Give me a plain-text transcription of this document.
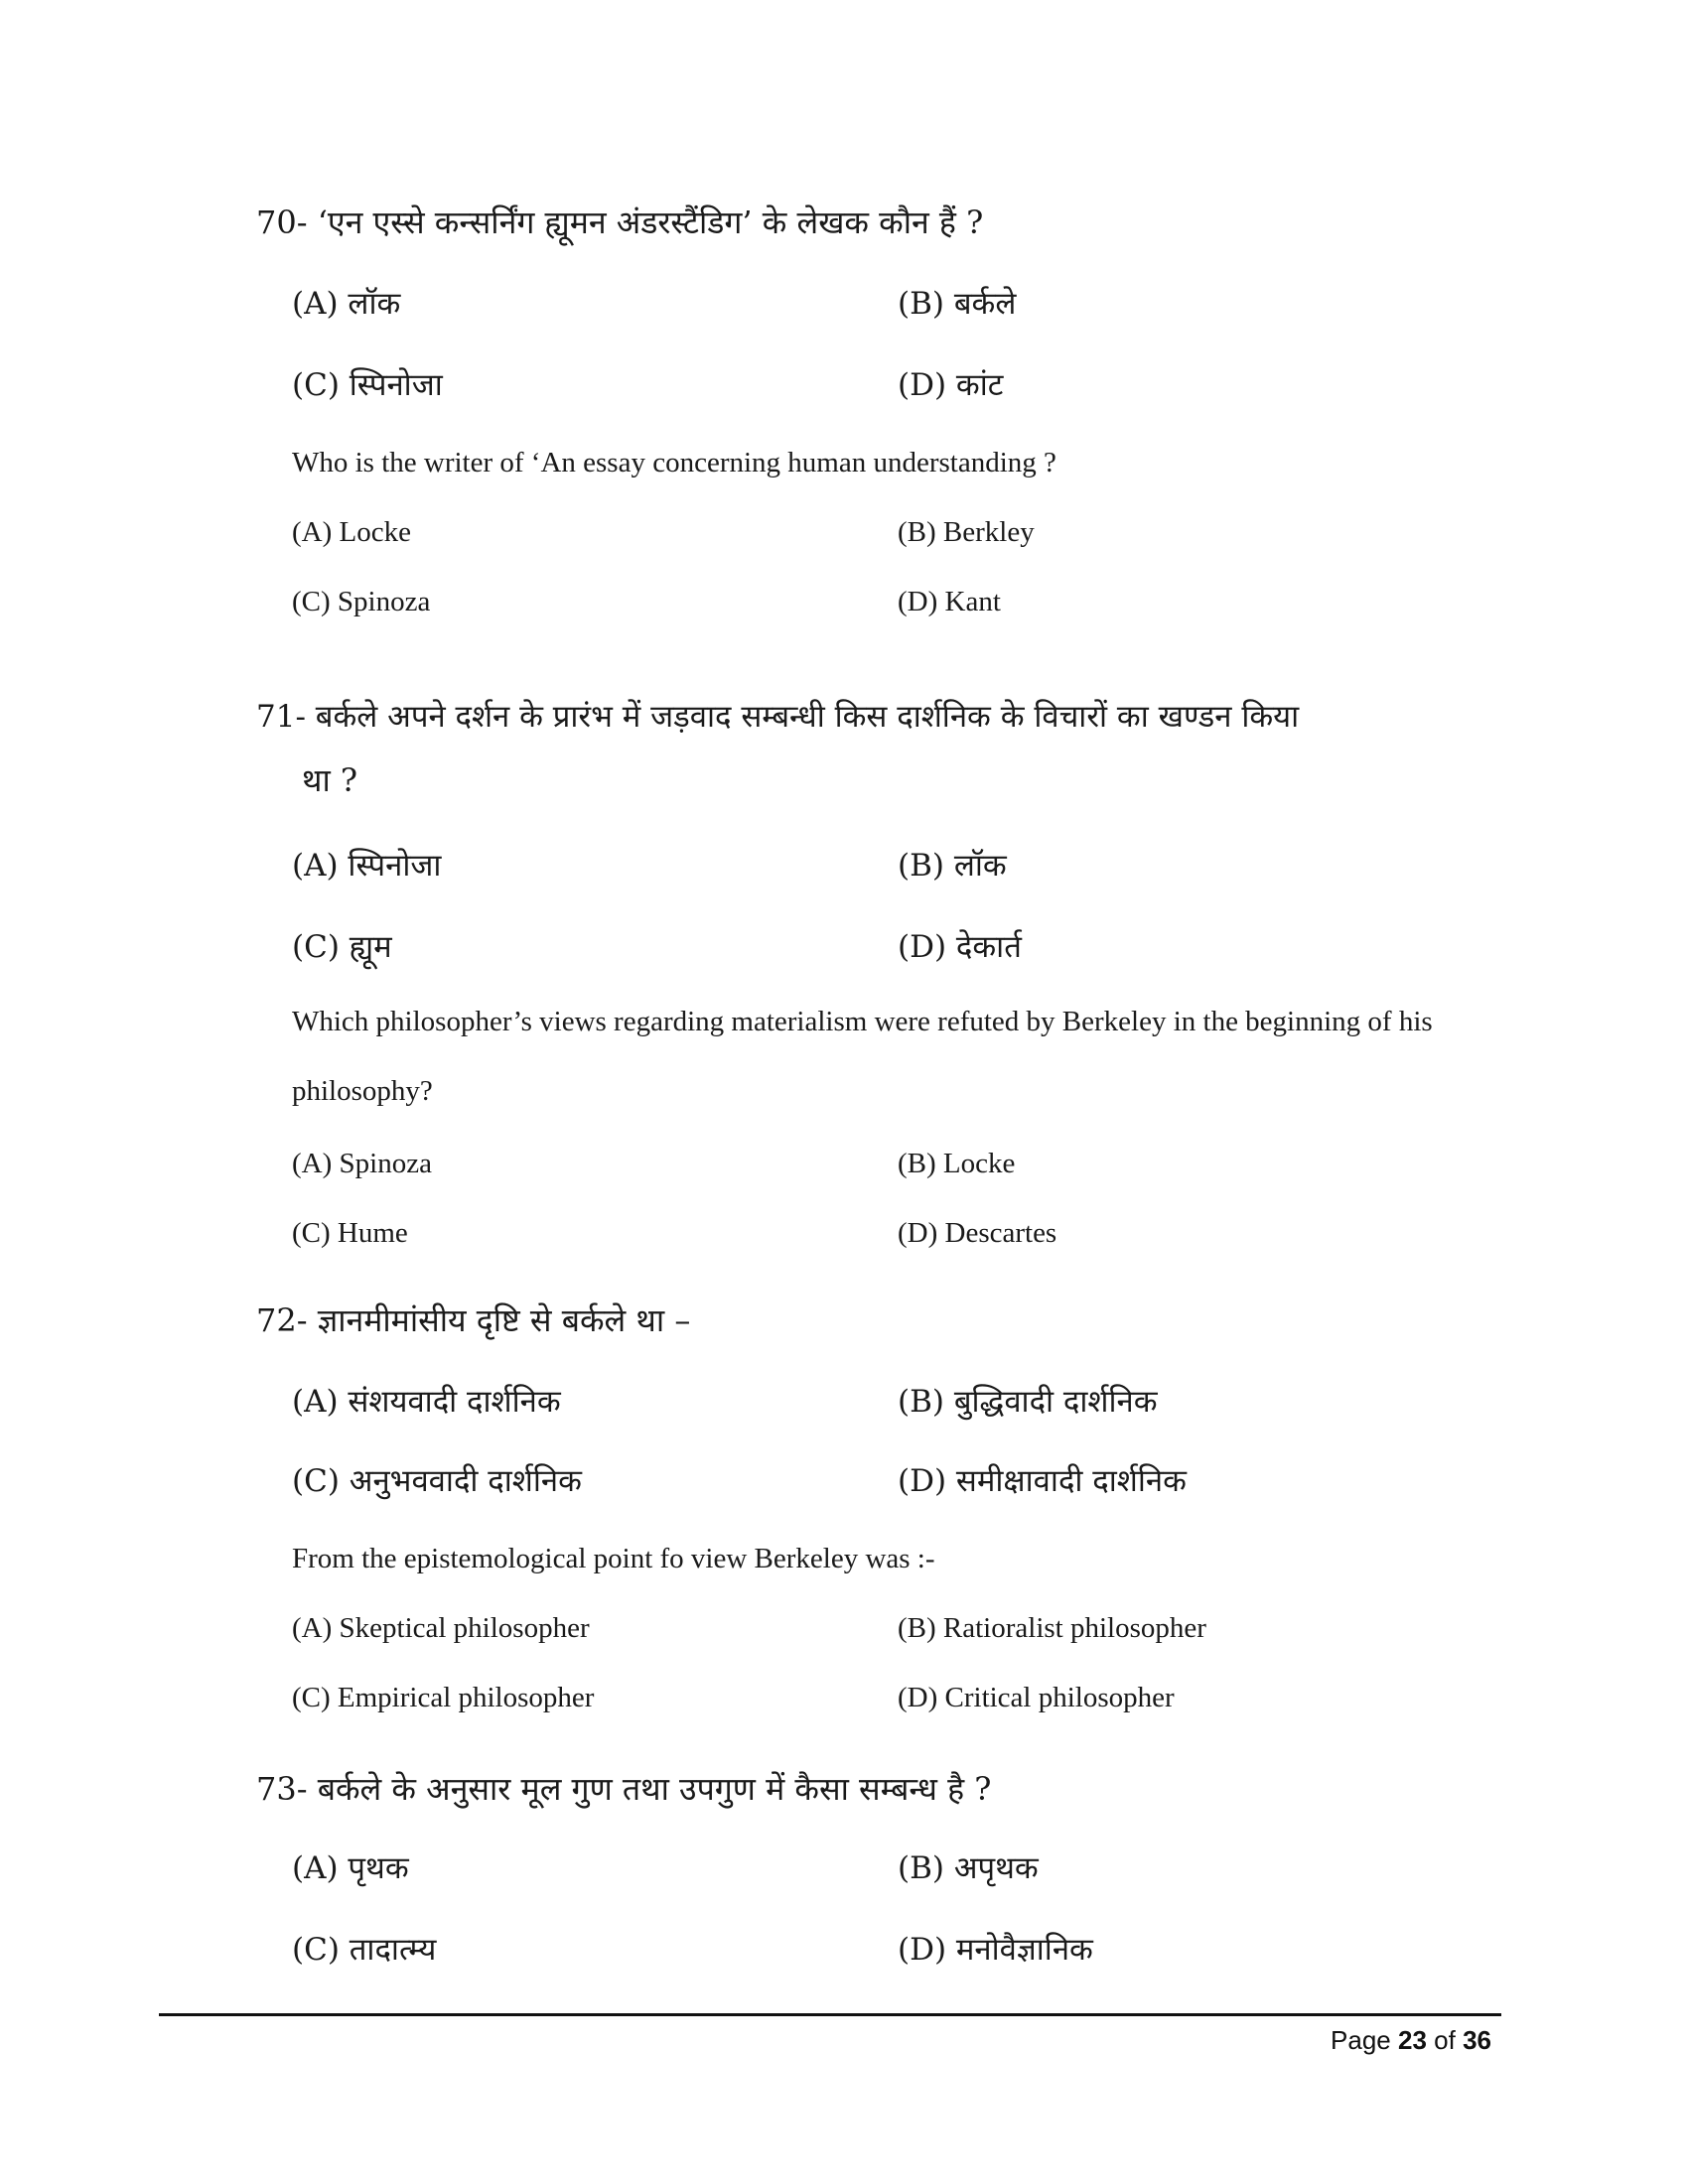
70- ‘एन एस्से कन्सर्निंग ह्यूमन अंडरस्टैंडिग’ के लेखक कौन हैं ?
(A) लॉक	(B) बर्कले
(C) स्पिनोजा	(D) कांट
Who is the writer of ‘An essay concerning human understanding ?
(A) Locke	(B) Berkley
(C) Spinoza	(D) Kant
71- बर्कले अपने दर्शन के प्रारंभ में जड़वाद सम्बन्धी किस दार्शनिक के विचारों का खण्डन किया
था ?
(A) स्पिनोजा	(B) लॉक
(C) ह्यूम	(D) देकार्त
Which philosopher’s views regarding materialism were refuted by Berkeley in the beginning of his philosophy?
(A) Spinoza	(B) Locke
(C) Hume	(D) Descartes
72- ज्ञानमीमांसीय दृष्टि से बर्कले था –
(A) संशयवादी दार्शनिक	(B) बुद्धिवादी दार्शनिक
(C) अनुभववादी दार्शनिक	(D) समीक्षावादी दार्शनिक
From the epistemological point fo view Berkeley was :-
(A) Skeptical philosopher	(B) Ratioralist philosopher
(C) Empirical philosopher	(D) Critical philosopher
73- बर्कले के अनुसार मूल गुण तथा उपगुण में कैसा सम्बन्ध है ?
(A) पृथक	(B) अपृथक
(C) तादात्म्य	(D) मनोवैज्ञानिक
Page 23 of 36
